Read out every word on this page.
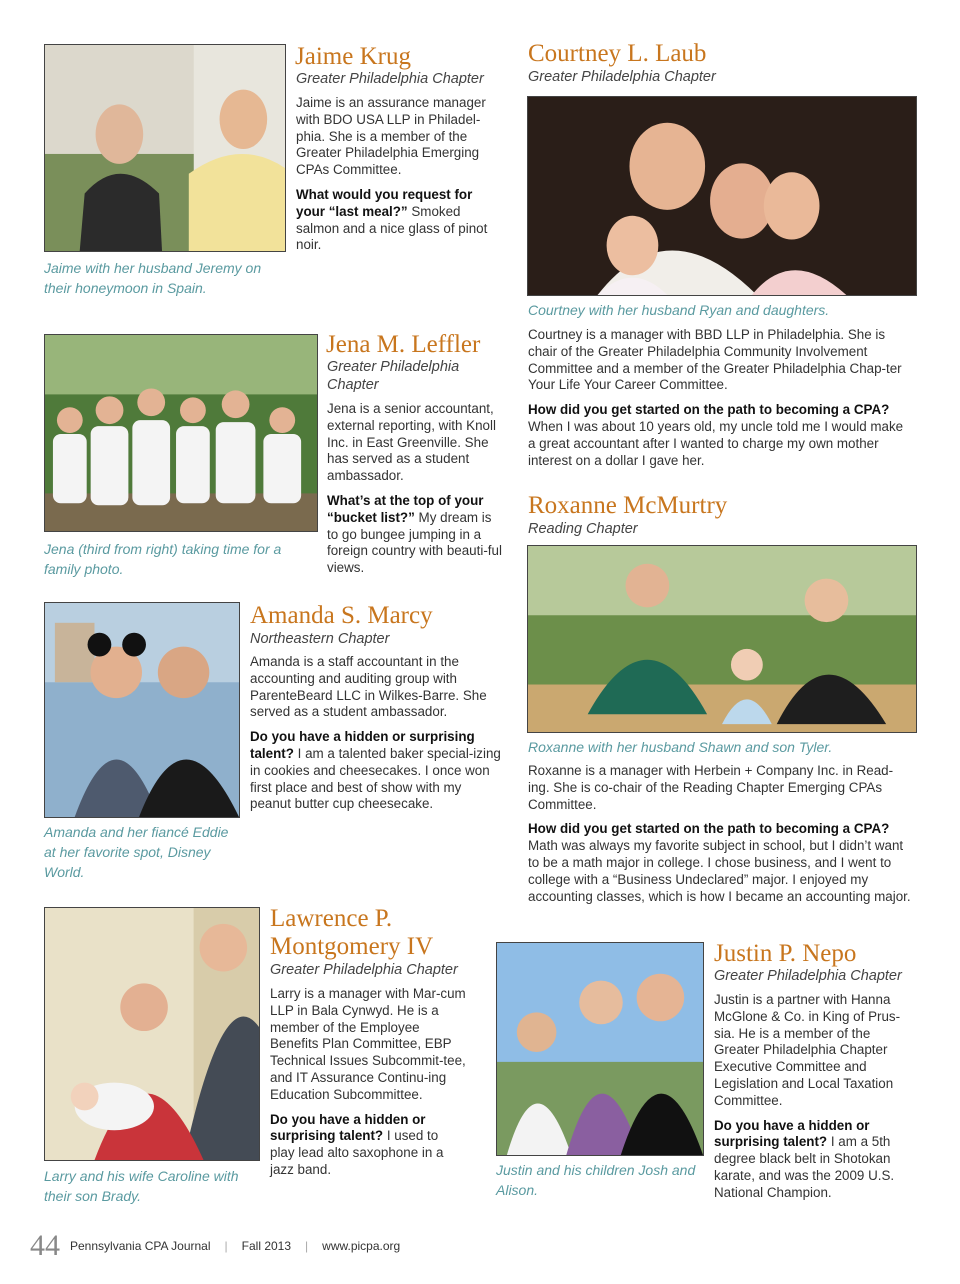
Jaime Krug
Greater Philadelphia Chapter

Jaime is an assurance manager with BDO USA LLP in Philadel-phia. She is a member of the Greater Philadelphia Emerging CPAs Committee.

What would you request for your “last meal?” Smoked salmon and a nice glass of pinot noir.

Jaime with her husband Jeremy on their honeymoon in Spain.
Courtney L. Laub
Greater Philadelphia Chapter
Courtney with her husband Ryan and daughters.

Courtney is a manager with BBD LLP in Philadelphia. She is chair of the Greater Philadelphia Community Involvement Committee and a member of the Greater Philadelphia Chap-ter Your Life Your Career Committee.

How did you get started on the path to becoming a CPA? When I was about 10 years old, my uncle told me I would make a great accountant after I wanted to charge my own mother interest on a dollar I gave her.

Jena M. Leffler
Greater Philadelphia Chapter

Jena is a senior accountant, external reporting, with Knoll Inc. in East Greenville. She has served as a student ambassador.

What’s at the top of your “bucket list?” My dream is to go bungee jumping in a foreign country with beauti-ful views.

Jena (third from right) taking time for a family photo.
Roxanne McMurtry
Reading Chapter
Roxanne with her husband Shawn and son Tyler.

Roxanne is a manager with Herbein + Company Inc. in Read-ing. She is co-chair of the Reading Chapter Emerging CPAs Committee.

How did you get started on the path to becoming a CPA? Math was always my favorite subject in school, but I didn’t want to be a math major in college. I chose business, and I went to college with a “Business Undeclared” major. I enjoyed my accounting classes, which is how I became an accounting major.

Amanda S. Marcy
Northeastern Chapter

Amanda is a staff accountant in the accounting and auditing group with ParenteBeard LLC in Wilkes-Barre. She served as a student ambassador.

Do you have a hidden or surprising talent? I am a talented baker special-izing in cookies and cheesecakes. I once won first place and best of show with my peanut butter cup cheesecake.

Amanda and her fiancé Eddie at her favorite spot, Disney World.
Lawrence P. Montgomery IV
Greater Philadelphia Chapter

Larry is a manager with Mar-cum LLP in Bala Cynwyd. He is a member of the Employee Benefits Plan Committee, EBP Technical Issues Subcommit-tee, and IT Assurance Continu-ing Education Subcommittee.

Do you have a hidden or surprising talent? I used to play lead alto saxophone in a jazz band.

Larry and his wife Caroline with their son Brady.
Justin P. Nepo
Greater Philadelphia Chapter

Justin is a partner with Hanna McGlone & Co. in King of Prus-sia. He is a member of the Greater Philadelphia Chapter Executive Committee and Legislation and Local Taxation Committee.

Do you have a hidden or surprising talent? I am a 5th degree black belt in Shotokan karate, and was the 2009 U.S. National Champion.

Justin and his children Josh and Alison.
44 Pennsylvania CPA Journal | Fall 2013 | www.picpa.org
